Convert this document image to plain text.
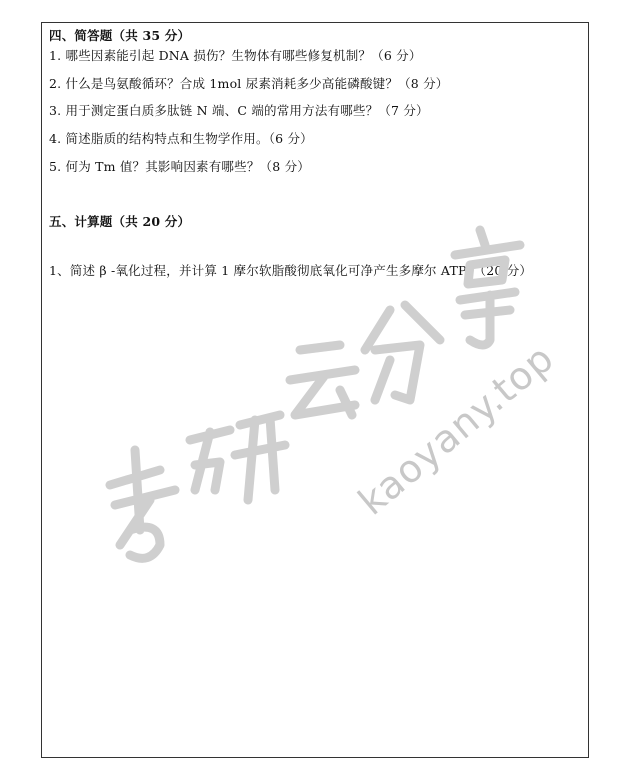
四、简答题（共 35 分）
1. 哪些因素能引起 DNA 损伤？生物体有哪些修复机制？（6 分）
2. 什么是鸟氨酸循环？合成 1mol 尿素消耗多少高能磷酸键？（8 分）
3. 用于测定蛋白质多肽链 N 端、C 端的常用方法有哪些？（7 分）
4. 简述脂质的结构特点和生物学作用。（6 分）
5. 何为 Tm 值？其影响因素有哪些？（8 分）
五、计算题（共 20 分）
1、简述 β -氧化过程，并计算 1 摩尔软脂酸彻底氧化可净产生多摩尔 ATP?（20 分）
kaoyany.top
